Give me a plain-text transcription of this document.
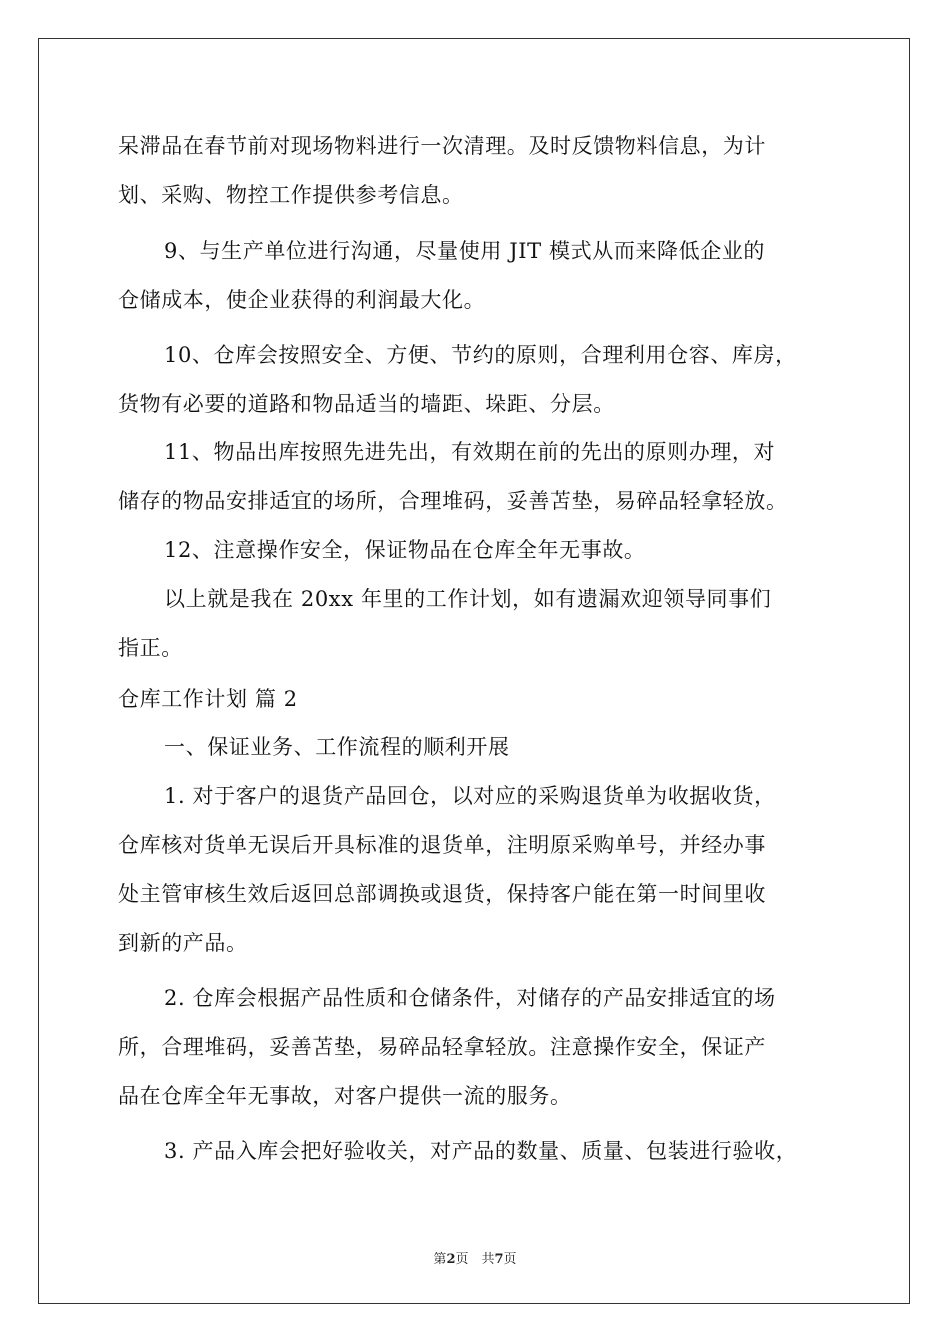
呆滞品在春节前对现场物料进行一次清理。及时反馈物料信息，为计
划、采购、物控工作提供参考信息。
9、与生产单位进行沟通，尽量使用 JIT 模式从而来降低企业的
仓储成本，使企业获得的利润最大化。
10、仓库会按照安全、方便、节约的原则，合理利用仓容、库房，
货物有必要的道路和物品适当的墙距、垛距、分层。
11、物品出库按照先进先出，有效期在前的先出的原则办理，对
储存的物品安排适宜的场所，合理堆码，妥善苫垫，易碎品轻拿轻放。
12、注意操作安全，保证物品在仓库全年无事故。
以上就是我在 20xx 年里的工作计划，如有遗漏欢迎领导同事们
指正。
仓库工作计划 篇 2
一、保证业务、工作流程的顺利开展
1. 对于客户的退货产品回仓，以对应的采购退货单为收据收货，
仓库核对货单无误后开具标准的退货单，注明原采购单号，并经办事
处主管审核生效后返回总部调换或退货，保持客户能在第一时间里收
到新的产品。
2. 仓库会根据产品性质和仓储条件，对储存的产品安排适宜的场
所，合理堆码，妥善苫垫，易碎品轻拿轻放。注意操作安全，保证产
品在仓库全年无事故，对客户提供一流的服务。
3. 产品入库会把好验收关，对产品的数量、质量、包装进行验收，
第2页　共7页
